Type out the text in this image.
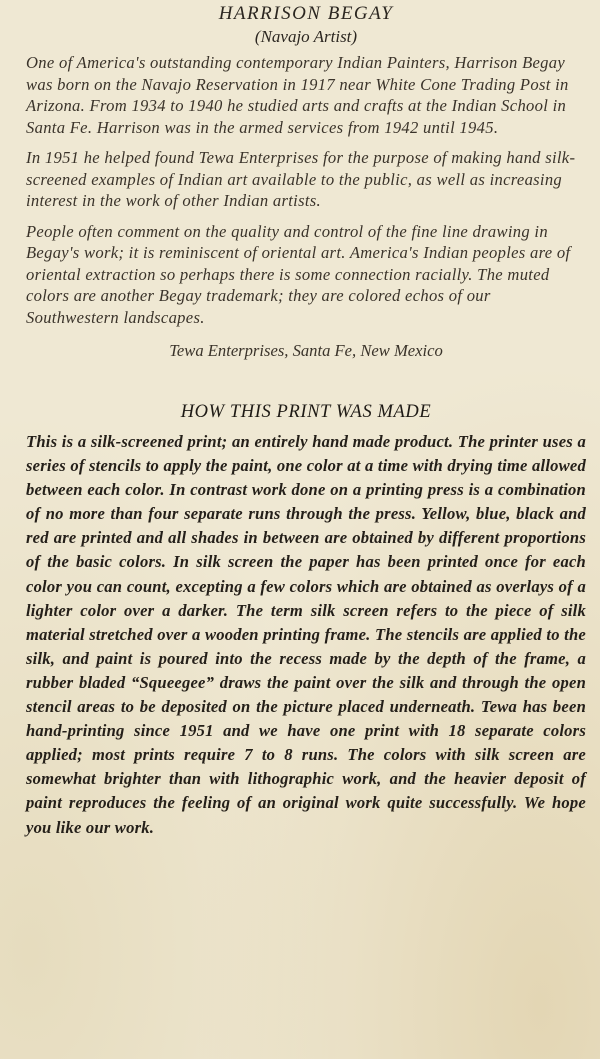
HARRISON BEGAY
(Navajo Artist)

One of America's outstanding contemporary Indian Painters, Harrison Begay was born on the Navajo Reservation in 1917 near White Cone Trading Post in Arizona. From 1934 to 1940 he studied arts and crafts at the Indian School in Santa Fe. Harrison was in the armed services from 1942 until 1945.

In 1951 he helped found Tewa Enterprises for the purpose of making hand silk-screened examples of Indian art available to the public, as well as increasing interest in the work of other Indian artists.

People often comment on the quality and control of the fine line drawing in Begay's work; it is reminiscent of oriental art. America's Indian peoples are of oriental extraction so perhaps there is some connection racially. The muted colors are another Begay trademark; they are colored echos of our Southwestern landscapes.

Tewa Enterprises, Santa Fe, New Mexico
HOW THIS PRINT WAS MADE

This is a silk-screened print; an entirely hand made product. The printer uses a series of stencils to apply the paint, one color at a time with drying time allowed between each color. In contrast work done on a printing press is a combination of no more than four separate runs through the press. Yellow, blue, black and red are printed and all shades in between are obtained by different proportions of the basic colors. In silk screen the paper has been printed once for each color you can count, excepting a few colors which are obtained as overlays of a lighter color over a darker. The term silk screen refers to the piece of silk material stretched over a wooden printing frame. The stencils are applied to the silk, and paint is poured into the recess made by the depth of the frame, a rubber bladed “Squeegee” draws the paint over the silk and through the open stencil areas to be deposited on the picture placed underneath. Tewa has been hand-printing since 1951 and we have one print with 18 separate colors applied; most prints require 7 to 8 runs. The colors with silk screen are somewhat brighter than with lithographic work, and the heavier deposit of paint reproduces the feeling of an original work quite successfully. We hope you like our work.
